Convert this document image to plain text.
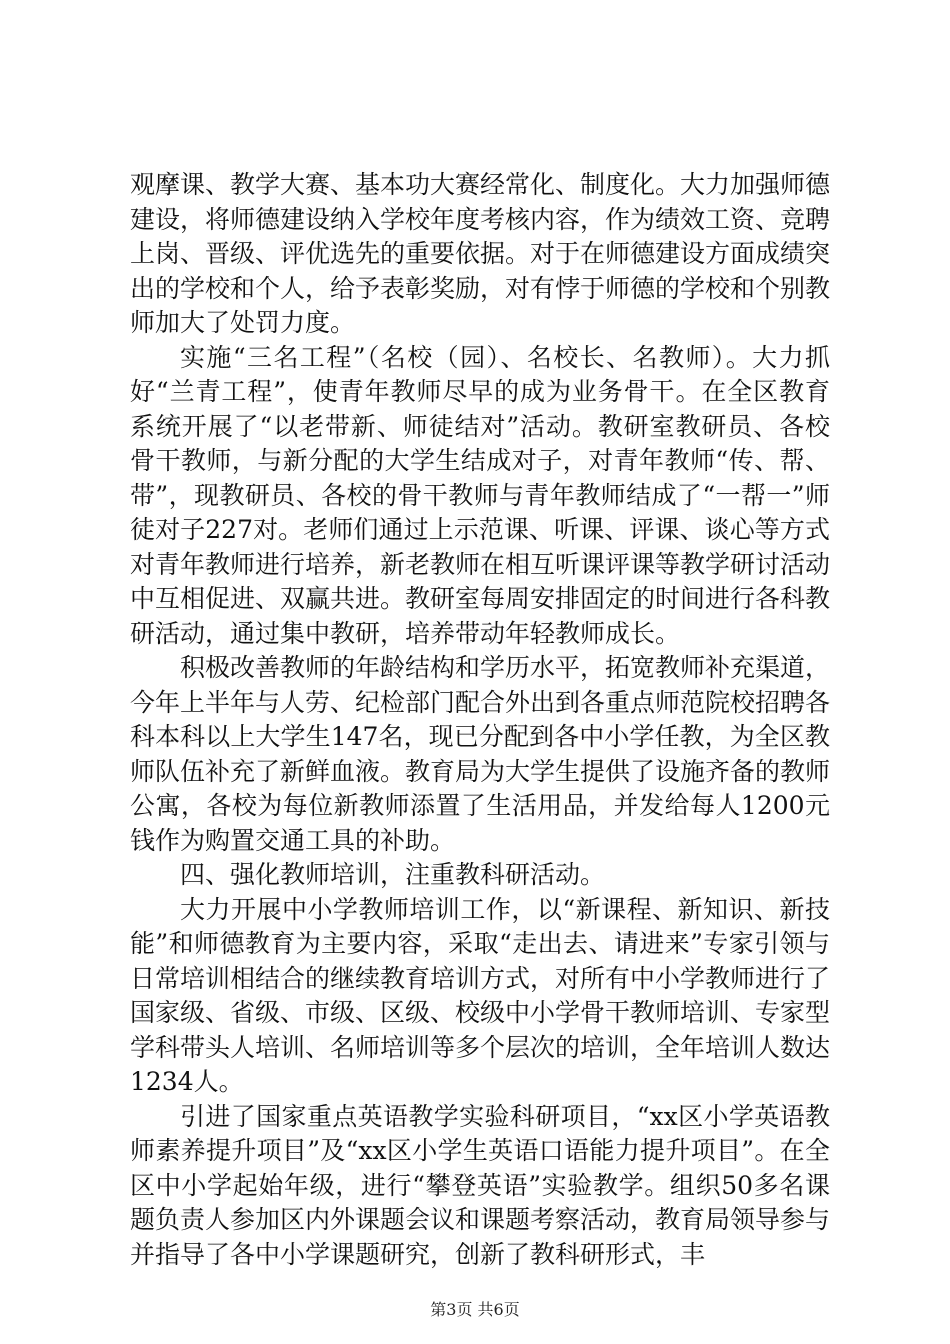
观摩课、教学大赛、基本功大赛经常化、制度化。大力加强师德建设，将师德建设纳入学校年度考核内容，作为绩效工资、竞聘上岗、晋级、评优选先的重要依据。对于在师德建设方面成绩突出的学校和个人，给予表彰奖励，对有悖于师德的学校和个别教师加大了处罚力度。

实施“三名工程”（名校（园）、名校长、名教师）。大力抓好“兰青工程”，使青年教师尽早的成为业务骨干。在全区教育系统开展了“以老带新、师徒结对”活动。教研室教研员、各校骨干教师，与新分配的大学生结成对子，对青年教师“传、帮、带”，现教研员、各校的骨干教师与青年教师结成了“一帮一”师徒对子227对。老师们通过上示范课、听课、评课、谈心等方式对青年教师进行培养，新老教师在相互听课评课等教学研讨活动中互相促进、双赢共进。教研室每周安排固定的时间进行各科教研活动，通过集中教研，培养带动年轻教师成长。

积极改善教师的年龄结构和学历水平，拓宽教师补充渠道，今年上半年与人劳、纪检部门配合外出到各重点师范院校招聘各科本科以上大学生147名，现已分配到各中小学任教，为全区教师队伍补充了新鲜血液。教育局为大学生提供了设施齐备的教师公寓，各校为每位新教师添置了生活用品，并发给每人1200元钱作为购置交通工具的补助。

四、强化教师培训，注重教科研活动。

大力开展中小学教师培训工作，以“新课程、新知识、新技能”和师德教育为主要内容，采取“走出去、请进来”专家引领与日常培训相结合的继续教育培训方式，对所有中小学教师进行了国家级、省级、市级、区级、校级中小学骨干教师培训、专家型学科带头人培训、名师培训等多个层次的培训，全年培训人数达1234人。

引进了国家重点英语教学实验科研项目，“xx区小学英语教师素养提升项目”及“xx区小学生英语口语能力提升项目”。在全区中小学起始年级，进行“攀登英语”实验教学。组织50多名课题负责人参加区内外课题会议和课题考察活动，教育局领导参与并指导了各中小学课题研究，创新了教科研形式，丰

第3页 共6页
